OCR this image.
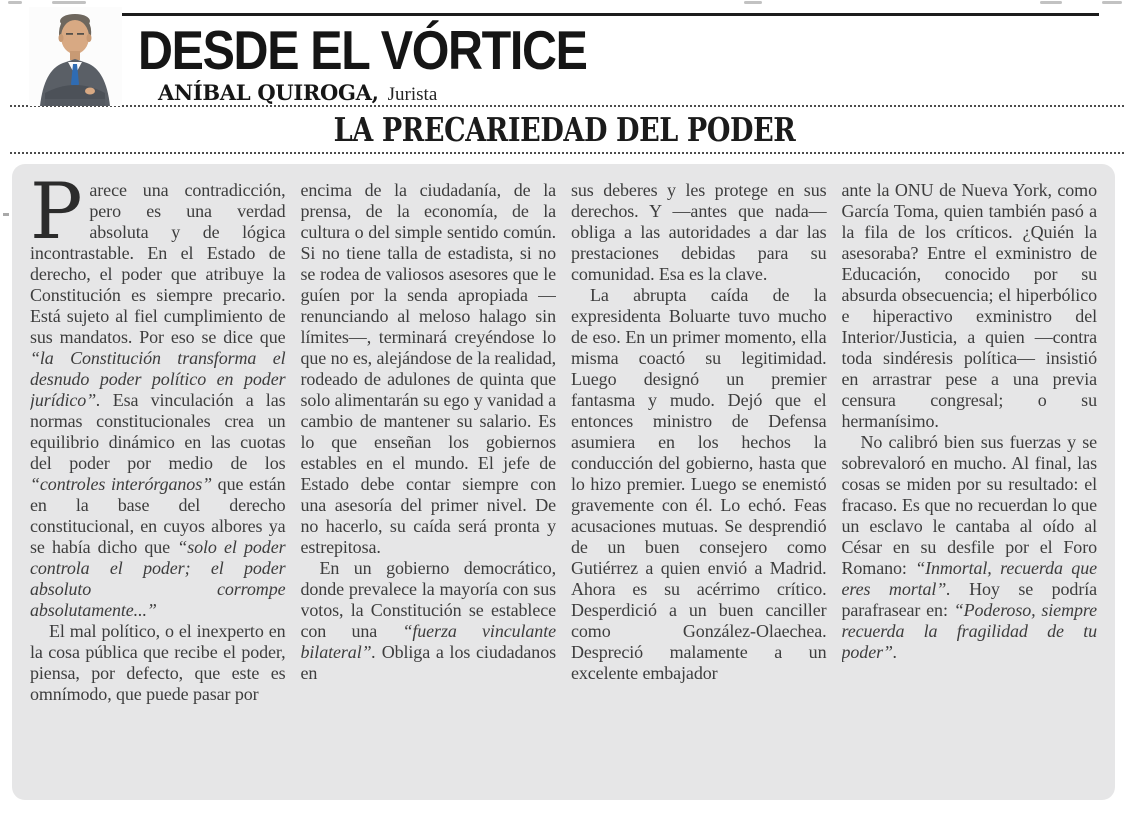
DESDE EL VÓRTICE
ANÍBAL QUIROGA, Jurista
LA PRECARIEDAD DEL PODER

Parece una contradicción, pero es una verdad absoluta y de lógica incontrastable. En el Estado de derecho, el poder que atribuye la Constitución es siempre precario. Está sujeto al fiel cumplimiento de sus mandatos. Por eso se dice que “la Constitución transforma el desnudo poder político en poder jurídico”. Esa vinculación a las normas constitucionales crea un equilibrio dinámico en las cuotas del poder por medio de los “controles interórganos” que están en la base del derecho constitucional, en cuyos albores ya se había dicho que “solo el poder controla el poder; el poder absoluto corrompe absolutamente...”

El mal político, o el inexperto en la cosa pública que recibe el poder, piensa, por defecto, que este es omnímodo, que puede pasar por

encima de la ciudadanía, de la prensa, de la economía, de la cultura o del simple sentido común. Si no tiene talla de estadista, si no se rodea de valiosos asesores que le guíen por la senda apropiada —renunciando al meloso halago sin límites—, terminará creyéndose lo que no es, alejándose de la realidad, rodeado de adulones de quinta que solo alimentarán su ego y vanidad a cambio de mantener su salario. Es lo que enseñan los gobiernos estables en el mundo. El jefe de Estado debe contar siempre con una asesoría del primer nivel. De no hacerlo, su caída será pronta y estrepitosa.

En un gobierno democrático, donde prevalece la mayoría con sus votos, la Constitución se establece con una “fuerza vinculante bilateral”. Obliga a los ciudadanos en

sus deberes y les protege en sus derechos. Y —antes que nada— obliga a las autoridades a dar las prestaciones debidas para su comunidad. Esa es la clave.

La abrupta caída de la expresidenta Boluarte tuvo mucho de eso. En un primer momento, ella misma coactó su legitimidad. Luego designó un premier fantasma y mudo. Dejó que el entonces ministro de Defensa asumiera en los hechos la conducción del gobierno, hasta que lo hizo premier. Luego se enemistó gravemente con él. Lo echó. Feas acusaciones mutuas. Se desprendió de un buen consejero como Gutiérrez a quien envió a Madrid. Ahora es su acérrimo crítico. Desperdició a un buen canciller como González-Olaechea. Despreció malamente a un excelente embajador

ante la ONU de Nueva York, como García Toma, quien también pasó a la fila de los críticos. ¿Quién la asesoraba? Entre el exministro de Educación, conocido por su absurda obsecuencia; el hiperbólico e hiperactivo exministro del Interior/Justicia, a quien —contra toda sindéresis política— insistió en arrastrar pese a una previa censura congresal; o su hermanísimo.

No calibró bien sus fuerzas y se sobrevaloró en mucho. Al final, las cosas se miden por su resultado: el fracaso. Es que no recuerdan lo que un esclavo le cantaba al oído al César en su desfile por el Foro Romano: “Inmortal, recuerda que eres mortal”. Hoy se podría parafrasear en: “Poderoso, siempre recuerda la fragilidad de tu poder”.
